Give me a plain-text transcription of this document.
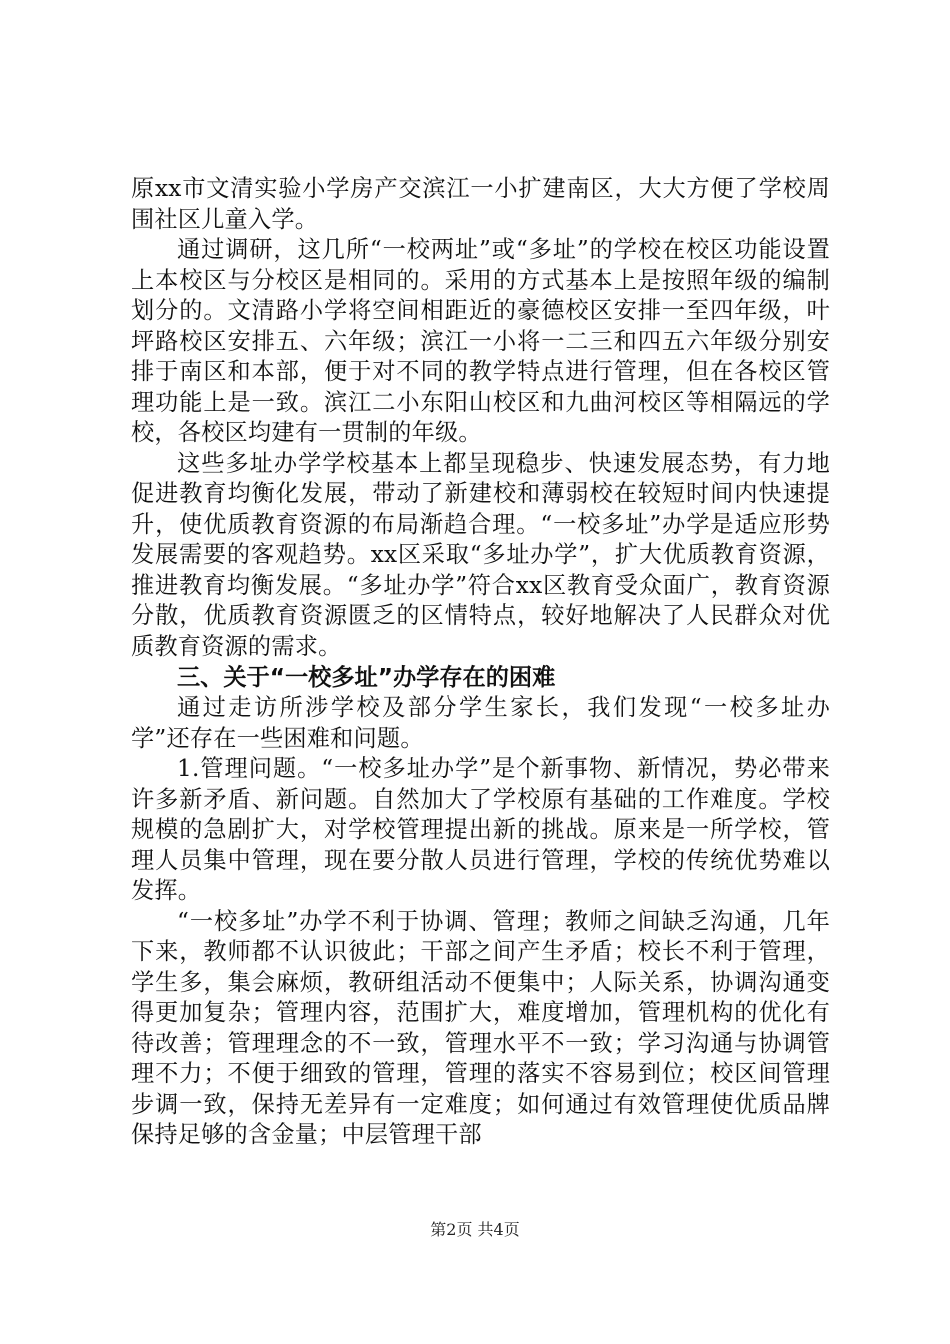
原xx市文清实验小学房产交滨江一小扩建南区，大大方便了学校周围社区儿童入学。

通过调研，这几所“一校两址”或“多址”的学校在校区功能设置上本校区与分校区是相同的。采用的方式基本上是按照年级的编制划分的。文清路小学将空间相距近的豪德校区安排一至四年级，叶坪路校区安排五、六年级；滨江一小将一二三和四五六年级分别安排于南区和本部，便于对不同的教学特点进行管理，但在各校区管理功能上是一致。滨江二小东阳山校区和九曲河校区等相隔远的学校，各校区均建有一贯制的年级。

这些多址办学学校基本上都呈现稳步、快速发展态势，有力地促进教育均衡化发展，带动了新建校和薄弱校在较短时间内快速提升，使优质教育资源的布局渐趋合理。“一校多址”办学是适应形势发展需要的客观趋势。xx区采取“多址办学”，扩大优质教育资源，推进教育均衡发展。“多址办学”符合xx区教育受众面广，教育资源分散，优质教育资源匮乏的区情特点，较好地解决了人民群众对优质教育资源的需求。

三、关于“一校多址”办学存在的困难

通过走访所涉学校及部分学生家长，我们发现“一校多址办学”还存在一些困难和问题。

1.管理问题。“一校多址办学”是个新事物、新情况，势必带来许多新矛盾、新问题。自然加大了学校原有基础的工作难度。学校规模的急剧扩大，对学校管理提出新的挑战。原来是一所学校，管理人员集中管理，现在要分散人员进行管理，学校的传统优势难以发挥。

“一校多址”办学不利于协调、管理；教师之间缺乏沟通，几年下来，教师都不认识彼此；干部之间产生矛盾；校长不利于管理，学生多，集会麻烦，教研组活动不便集中；人际关系，协调沟通变得更加复杂；管理内容，范围扩大，难度增加，管理机构的优化有待改善；管理理念的不一致，管理水平不一致；学习沟通与协调管理不力；不便于细致的管理，管理的落实不容易到位；校区间管理步调一致，保持无差异有一定难度；如何通过有效管理使优质品牌保持足够的含金量；中层管理干部

第2页 共4页
